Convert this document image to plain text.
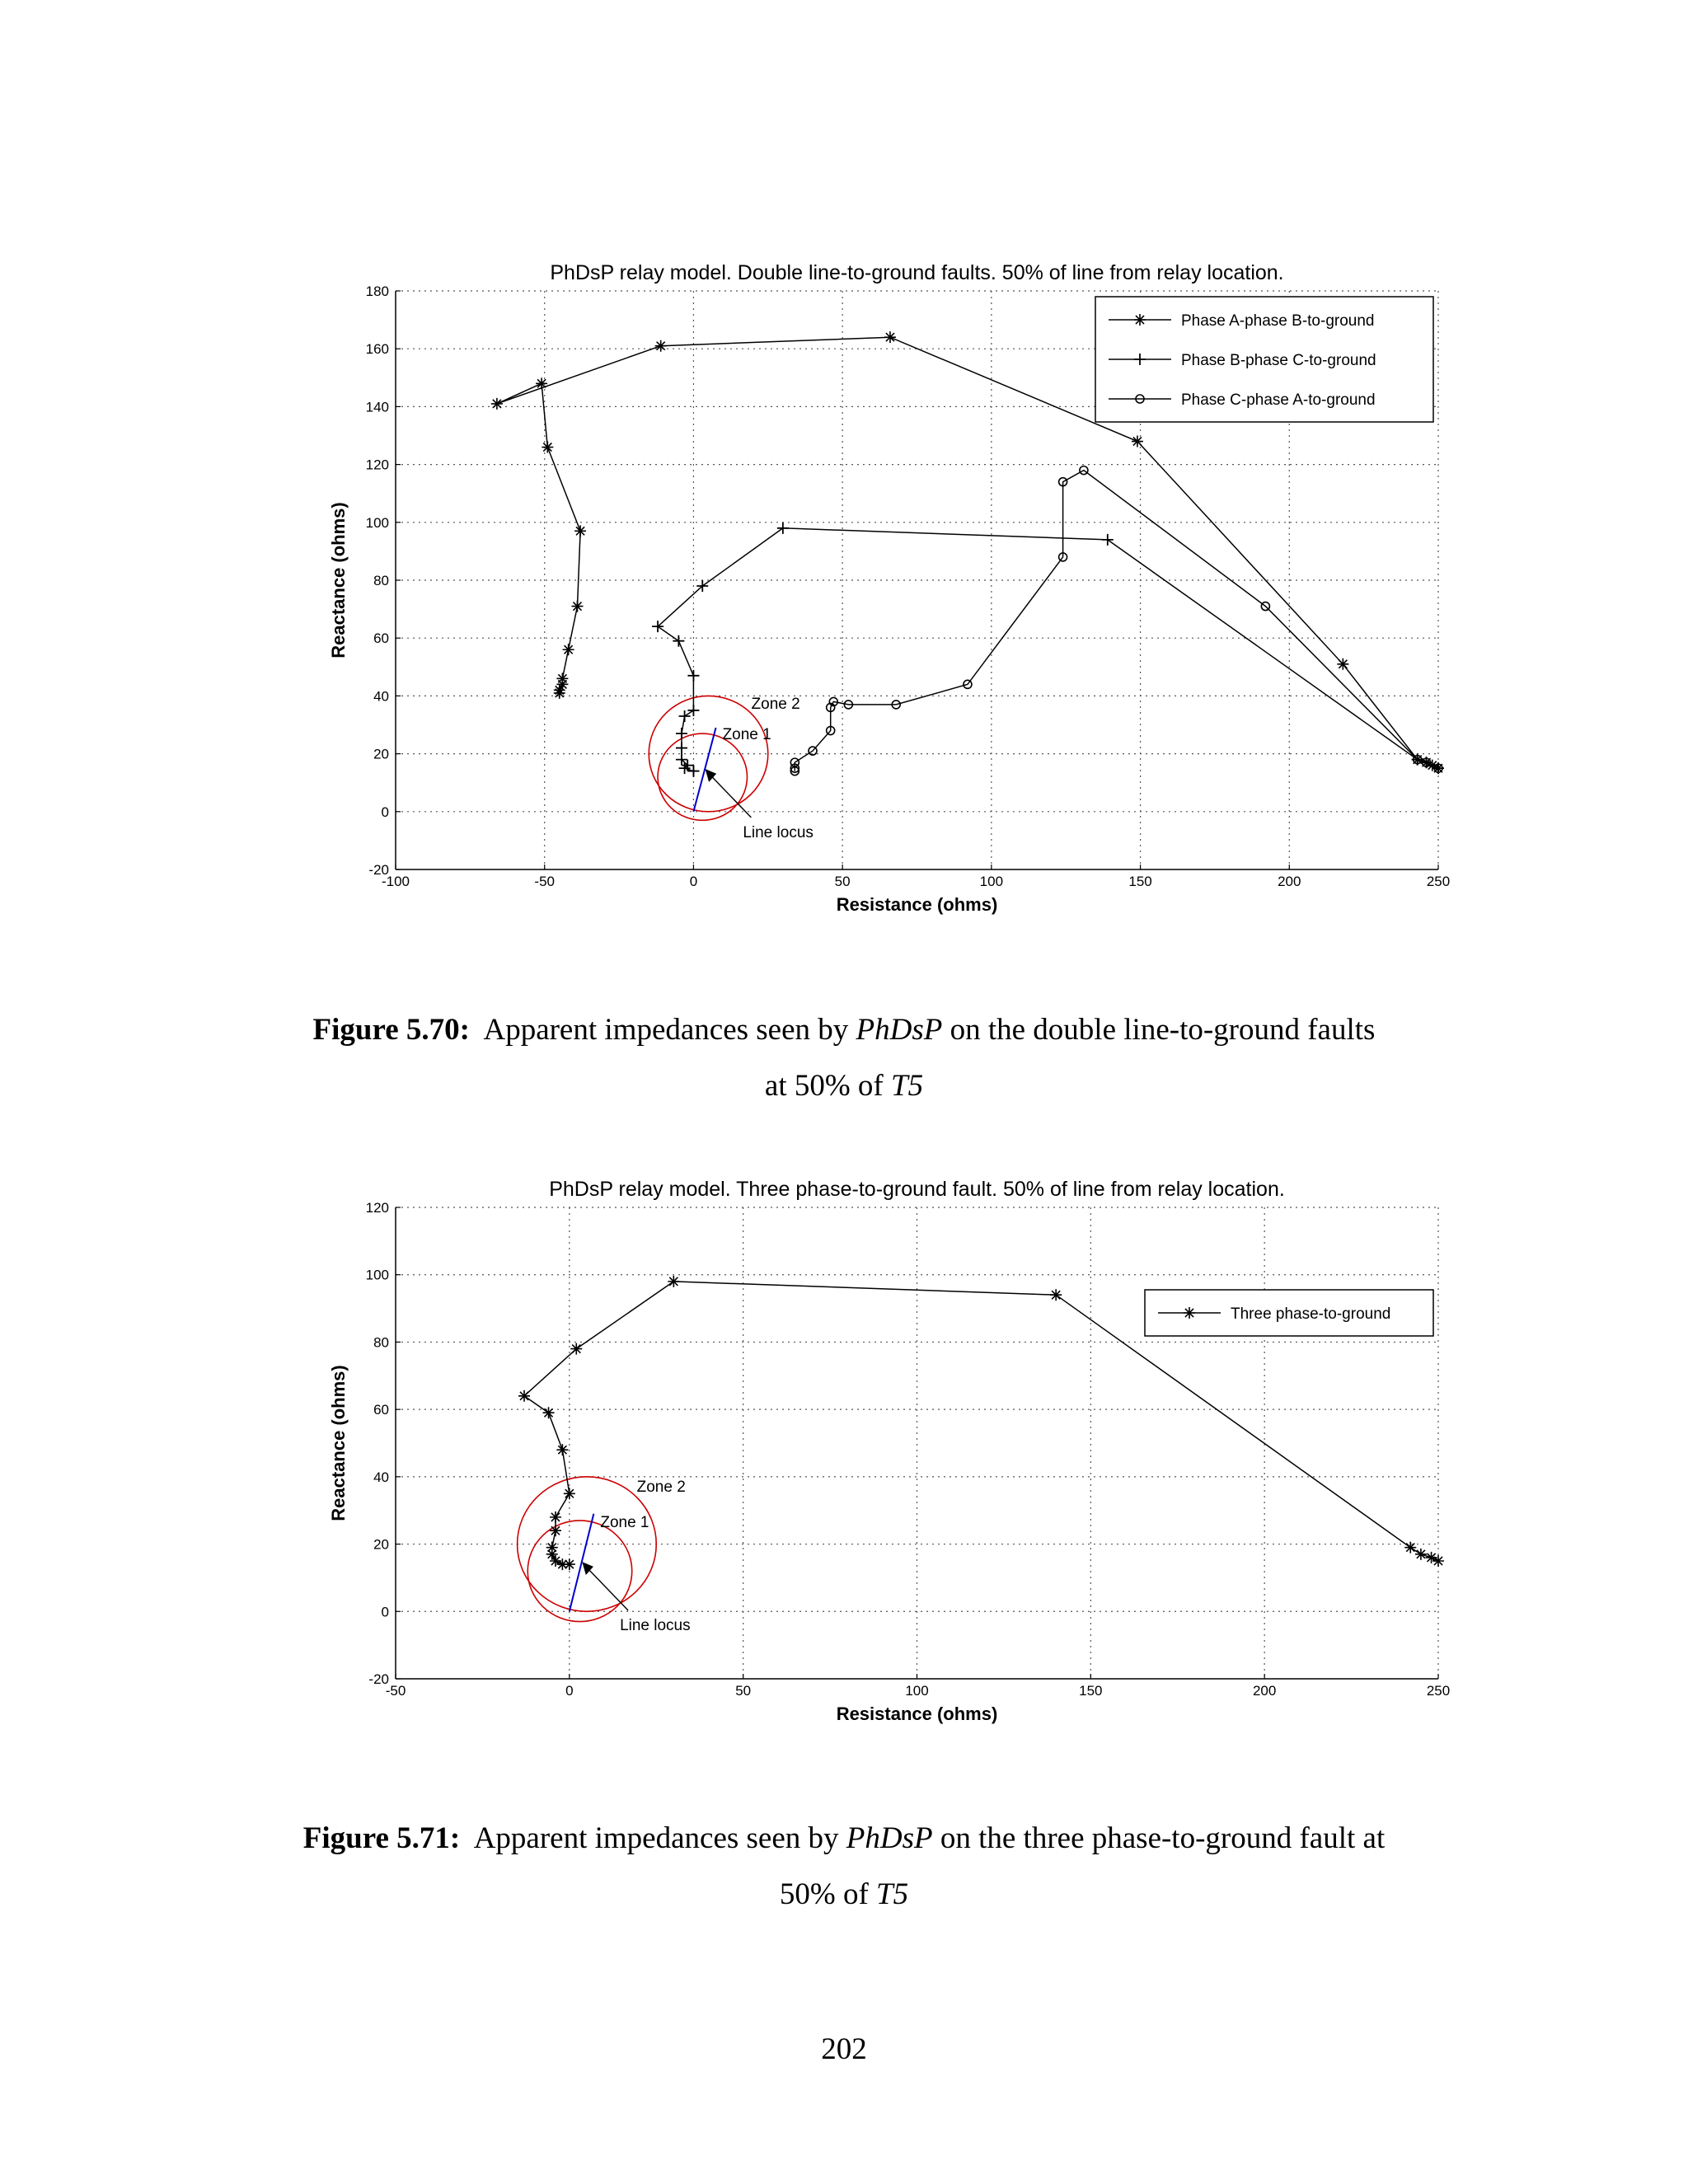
PhDsP relay model. Double line-to-ground faults. 50% of line from relay location.
-100	-50	0	50	100	150	200	250
-20
0
20
40
60
80
100
120
140
160
180
Resistance (ohms)
Reactance (ohms)
Zone 2
Zone 1
Line locus
Phase A-phase B-to-ground
Phase B-phase C-to-ground
Phase C-phase A-to-ground
Figure 5.70: Apparent impedances seen by PhDsP on the double line-to-ground faults
at 50% of T5
PhDsP relay model. Three phase-to-ground fault. 50% of line from relay location.
-50	0	50	100	150	200	250
-20
0
20
40
60
80
100
120
Resistance (ohms)
Reactance (ohms)	Zone 2
Zone 1
Line locus
Three phase-to-ground
Figure 5.71: Apparent impedances seen by PhDsP on the three phase-to-ground fault at
50% of T5
202
